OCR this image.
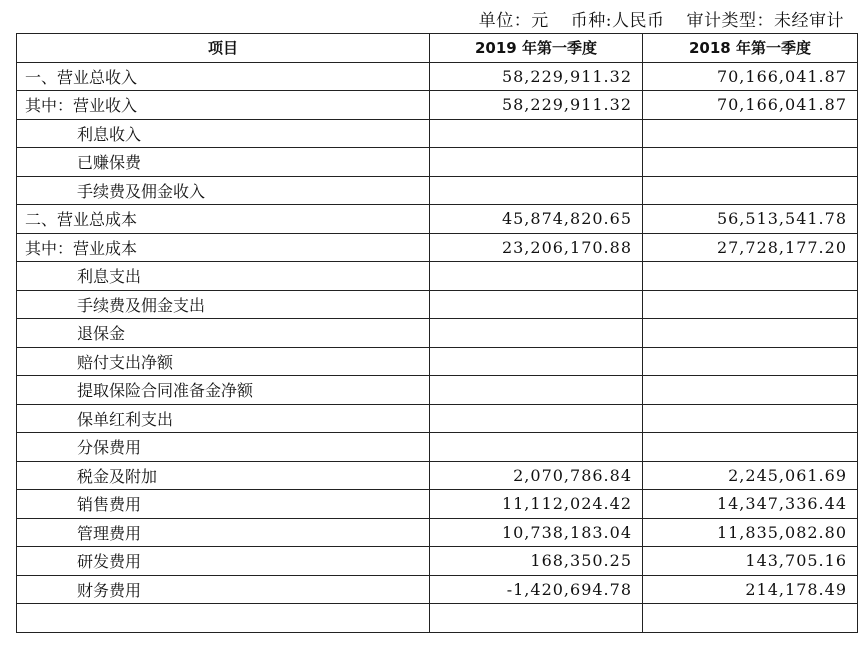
单位：元 币种:人民币 审计类型：未经审计
项目	2019 年第一季度	2018 年第一季度
一、营业总收入	58,229,911.32	70,166,041.87
其中：营业收入	58,229,911.32	70,166,041.87
利息收入		
已赚保费		
手续费及佣金收入		
二、营业总成本	45,874,820.65	56,513,541.78
其中：营业成本	23,206,170.88	27,728,177.20
利息支出		
手续费及佣金支出		
退保金		
赔付支出净额		
提取保险合同准备金净额		
保单红利支出		
分保费用		
税金及附加	2,070,786.84	2,245,061.69
销售费用	11,112,024.42	14,347,336.44
管理费用	10,738,183.04	11,835,082.80
研发费用	168,350.25	143,705.16
财务费用	-1,420,694.78	214,178.49
